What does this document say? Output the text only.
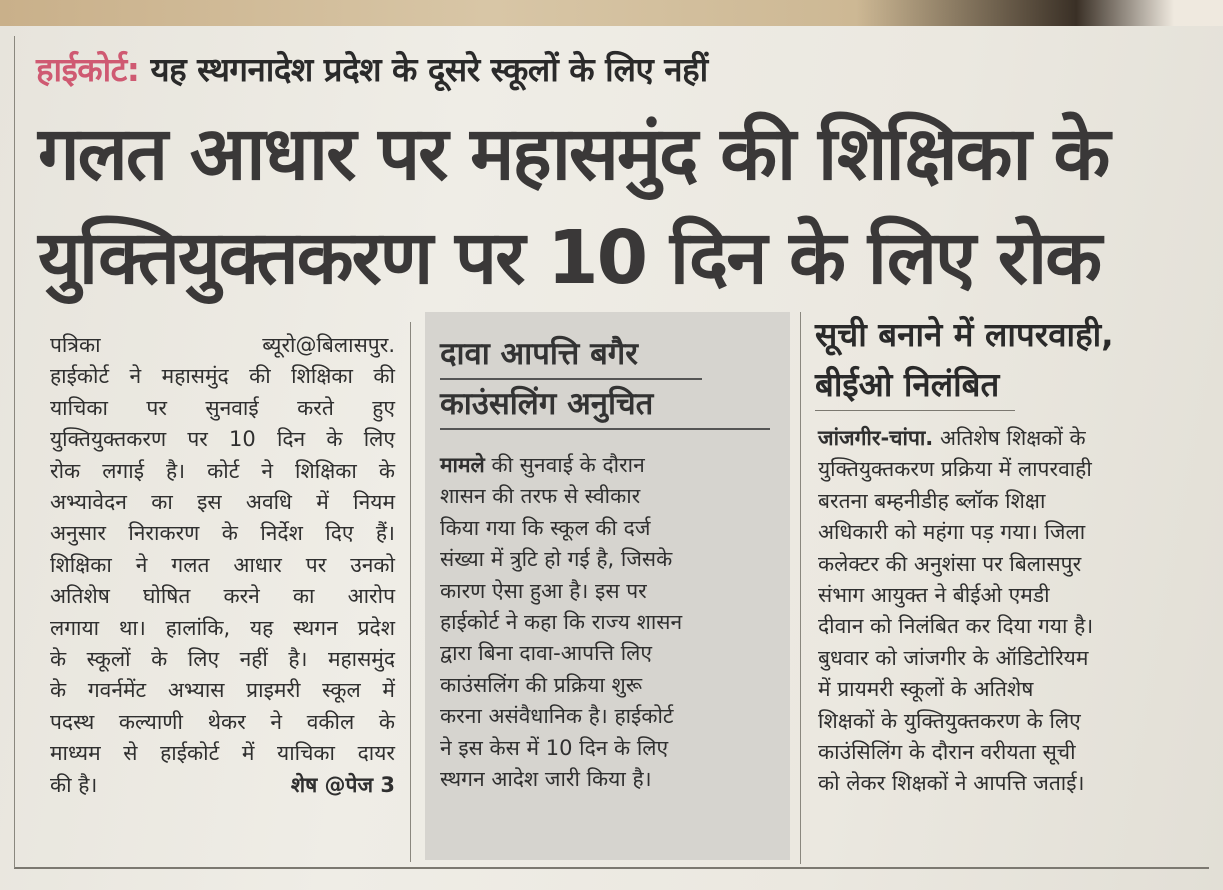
हाईकोर्ट: यह स्थगनादेश प्रदेश के दूसरे स्कूलों के लिए नहीं
गलत आधार पर महासमुंद की शिक्षिका के
युक्तियुक्तकरण पर 10 दिन के लिए रोक
पत्रिका	ब्यूरो@बिलासपुर.
हाईकोर्ट ने महासमुंद की शिक्षिका की
याचिका पर सुनवाई करते हुए
युक्तियुक्तकरण पर 10 दिन के लिए
रोक लगाई है। कोर्ट ने शिक्षिका के
अभ्यावेदन का इस अवधि में नियम
अनुसार निराकरण के निर्देश दिए हैं।
शिक्षिका ने गलत आधार पर उनको
अतिशेष घोषित करने का आरोप
लगाया था। हालांकि, यह स्थगन प्रदेश
के स्कूलों के लिए नहीं है। महासमुंद
के गवर्नमेंट अभ्यास प्राइमरी स्कूल में
पदस्थ कल्याणी थेकर ने वकील के
माध्यम से हाईकोर्ट में याचिका दायर
की है।	शेष @पेज 3
दावा आपत्ति बगैर
काउंसलिंग अनुचित
मामले की सुनवाई के दौरान
शासन की तरफ से स्वीकार
किया गया कि स्कूल की दर्ज
संख्या में त्रुटि हो गई है, जिसके
कारण ऐसा हुआ है। इस पर
हाईकोर्ट ने कहा कि राज्य शासन
द्वारा बिना दावा-आपत्ति लिए
काउंसलिंग की प्रक्रिया शुरू
करना असंवैधानिक है। हाईकोर्ट
ने इस केस में 10 दिन के लिए
स्थगन आदेश जारी किया है।
सूची बनाने में लापरवाही,
बीईओ निलंबित
जांजगीर-चांपा. अतिशेष शिक्षकों के
युक्तियुक्तकरण प्रक्रिया में लापरवाही
बरतना बम्हनीडीह ब्लॉक शिक्षा
अधिकारी को महंगा पड़ गया। जिला
कलेक्टर की अनुशंसा पर बिलासपुर
संभाग आयुक्त ने बीईओ एमडी
दीवान को निलंबित कर दिया गया है।
बुधवार को जांजगीर के ऑडिटोरियम
में प्रायमरी स्कूलों के अतिशेष
शिक्षकों के युक्तियुक्तकरण के लिए
काउंसिलिंग के दौरान वरीयता सूची
को लेकर शिक्षकों ने आपत्ति जताई।
